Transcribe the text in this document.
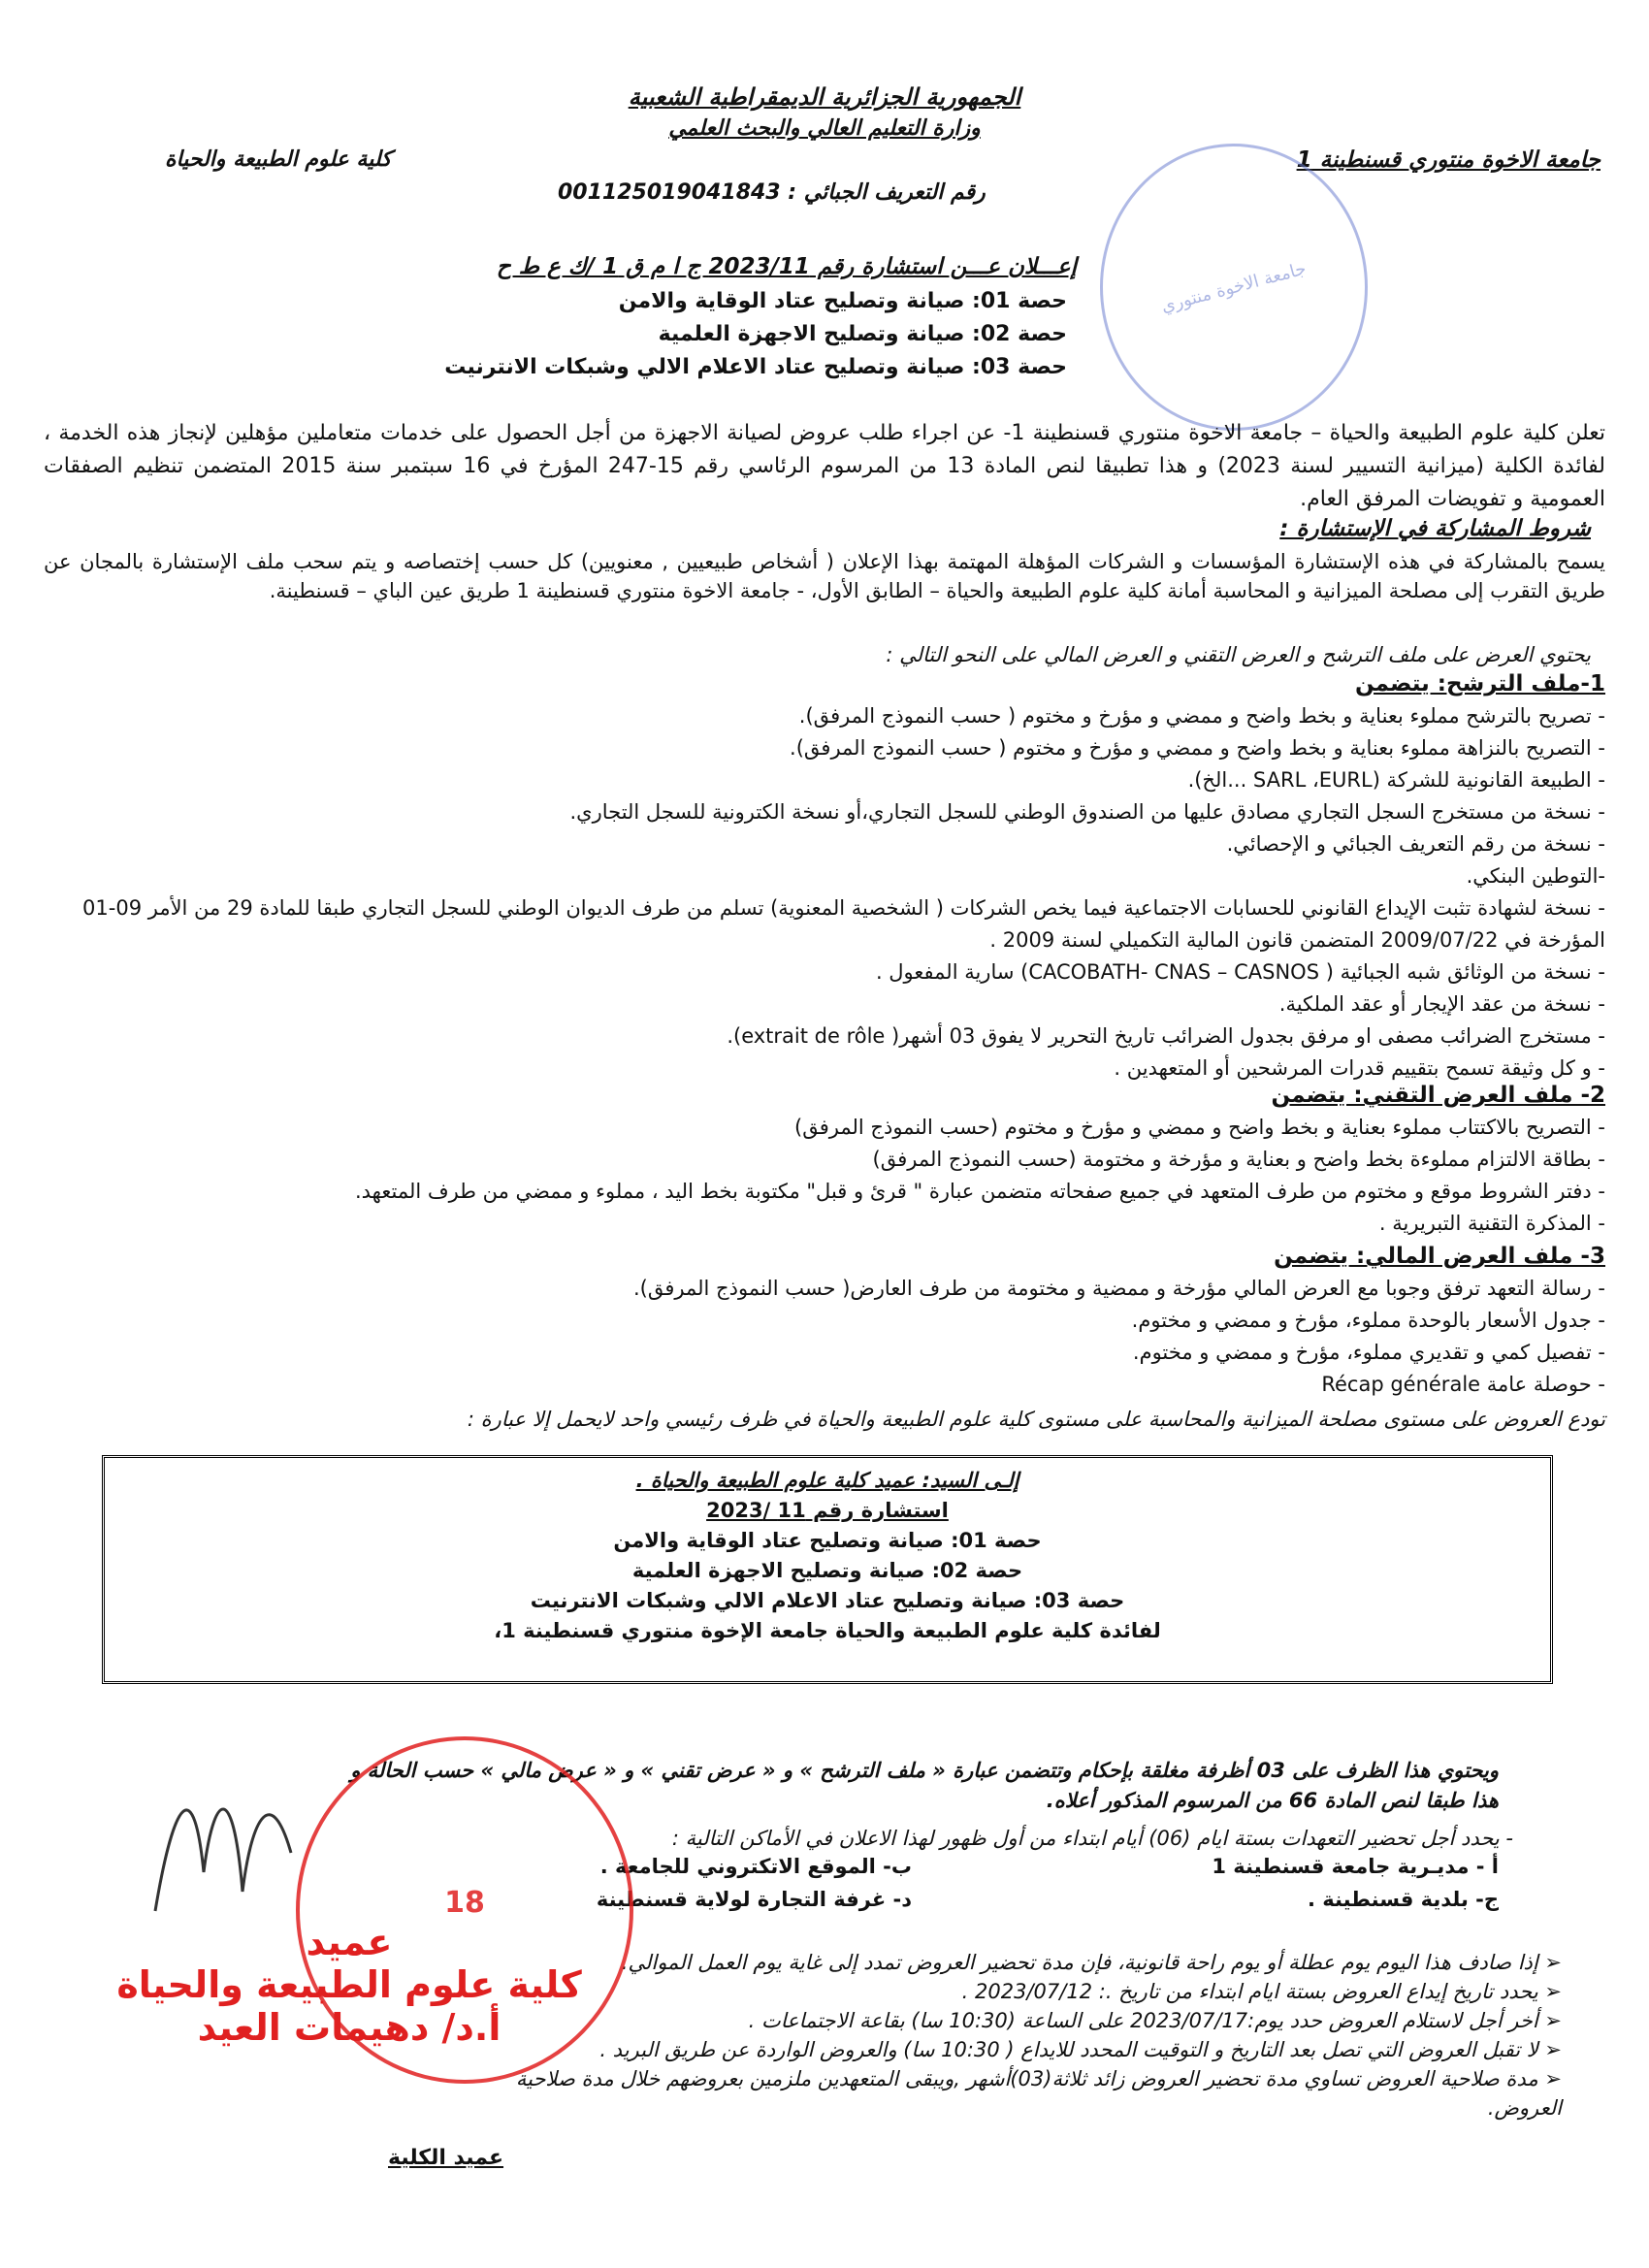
الجمهورية الجزائرية الديمقراطية الشعبية
وزارة التعليم العالي والبحث العلمي
جامعة الاخوة منتوري قسنطينة 1
كلية علوم الطبيعة والحياة
رقم التعريف الجبائي : 001125019041843
جامعة الاخوة منتوري
إعـــلان عـــن استشارة رقم 2023/11 ج ا م ق 1 /ك ع ط ح
حصة 01: صيانة وتصليح عتاد الوقاية والامن
حصة 02: صيانة وتصليح الاجهزة العلمية
حصة 03: صيانة وتصليح عتاد الاعلام الالي وشبكات الانترنيت
تعلن كلية علوم الطبيعة والحياة – جامعة الاخوة منتوري قسنطينة 1- عن اجراء طلب عروض لصيانة الاجهزة من أجل الحصول على خدمات متعاملين مؤهلين لإنجاز هذه الخدمة ، لفائدة الكلية (ميزانية التسيير لسنة 2023) و هذا تطبيقا لنص المادة 13 من المرسوم الرئاسي رقم 15-247 المؤرخ في 16 سبتمبر سنة 2015 المتضمن تنظيم الصفقات العمومية و تفويضات المرفق العام.
شروط المشاركة في الإستشارة :
يسمح بالمشاركة في هذه الإستشارة المؤسسات و الشركات المؤهلة المهتمة بهذا الإعلان ( أشخاص طبيعيين , معنويين) كل حسب إختصاصه و يتم سحب ملف الإستشارة بالمجان عن طريق التقرب إلى مصلحة الميزانية و المحاسبة أمانة كلية علوم الطبيعة والحياة – الطابق الأول، - جامعة الاخوة منتوري قسنطينة 1 طريق عين الباي – قسنطينة.
يحتوي العرض على ملف الترشح و العرض التقني و العرض المالي على النحو التالي :
1-ملف الترشح: يتضمن
- تصريح بالترشح مملوء بعناية و بخط واضح و ممضي و مؤرخ و مختوم ( حسب النموذج المرفق).
- التصريح بالنزاهة مملوء بعناية و بخط واضح و ممضي و مؤرخ و مختوم ( حسب النموذج المرفق).
- الطبيعة القانونية للشركة (SARL ،EURL ...الخ).
- نسخة من مستخرج السجل التجاري مصادق عليها من الصندوق الوطني للسجل التجاري،أو نسخة الكترونية للسجل التجاري.
- نسخة من رقم التعريف الجبائي و الإحصائي.
-التوطين البنكي.
- نسخة لشهادة تثبت الإيداع القانوني للحسابات الاجتماعية فيما يخص الشركات ( الشخصية المعنوية) تسلم من طرف الديوان الوطني للسجل التجاري طبقا للمادة 29 من الأمر 09-01 المؤرخة في 2009/07/22 المتضمن قانون المالية التكميلي لسنة 2009 .
- نسخة من الوثائق شبه الجبائية ( CACOBATH- CNAS – CASNOS) سارية المفعول .
- نسخة من عقد الإيجار أو عقد الملكية.
- مستخرج الضرائب مصفى او مرفق بجدول الضرائب تاريخ التحرير لا يفوق 03 أشهر( extrait de rôle).
- و كل وثيقة تسمح بتقييم قدرات المرشحين أو المتعهدين .
2- ملف العرض التقني: يتضمن
- التصريح بالاكتتاب مملوء بعناية و بخط واضح و ممضي و مؤرخ و مختوم (حسب النموذج المرفق)
- بطاقة الالتزام مملوءة بخط واضح و بعناية و مؤرخة و مختومة (حسب النموذج المرفق)
- دفتر الشروط موقع و مختوم من طرف المتعهد في جميع صفحاته متضمن عبارة " قرئ و قبل" مكتوبة بخط اليد ، مملوء و ممضي من طرف المتعهد.
- المذكرة التقنية التبريرية .
3- ملف العرض المالي: يتضمن
- رسالة التعهد ترفق وجوبا مع العرض المالي مؤرخة و ممضية و مختومة من طرف العارض( حسب النموذج المرفق).
- جدول الأسعار بالوحدة مملوء، مؤرخ و ممضي و مختوم.
- تفصيل كمي و تقديري مملوء، مؤرخ و ممضي و مختوم.
- حوصلة عامة Récap générale
تودع العروض على مستوى مصلحة الميزانية والمحاسبة على مستوى كلية علوم الطبيعة والحياة في ظرف رئيسي واحد لايحمل إلا عبارة :
إلـى السيد: عميد كلية علوم الطبيعة والحياة .
استشارة رقم 11 /2023
حصة 01: صيانة وتصليح عتاد الوقاية والامن
حصة 02: صيانة وتصليح الاجهزة العلمية
حصة 03: صيانة وتصليح عتاد الاعلام الالي وشبكات الانترنيت
لفائدة كلية علوم الطبيعة والحياة جامعة الإخوة منتوري قسنطينة 1،
ويحتوي هذا الظرف على 03 أظرفة مغلقة بإحكام وتتضمن عبارة « ملف الترشح » و « عرض تقني » و « عرض مالي » حسب الحالة و هذا طبقا لنص المادة 66 من المرسوم المذكور أعلاه.
- يحدد أجل تحضير التعهدات بستة ايام (06) أيام ابتداء من أول ظهور لهذا الاعلان في الأماكن التالية :
أ - مديـرية جامعة قسنطينة 1
ب- الموقع الاتكتروني للجامعة .
ج- بلدية قسنطينة .
د- غرفة التجارة لولاية قسنطينة
➢ إذا صادف هذا اليوم يوم عطلة أو يوم راحة قانونية، فإن مدة تحضير العروض تمدد إلى غاية يوم العمل الموالي.
➢ يحدد تاريخ إيداع العروض بستة ايام ابتداء من تاريخ .: 2023/07/12 .
➢ أخر أجل لاستلام العروض حدد يوم:2023/07/17 على الساعة (10:30 سا) بقاعة الاجتماعات .
➢ لا تقبل العروض التي تصل بعد التاريخ و التوقيت المحدد للايداع ( 10:30 سا) والعروض الواردة عن طريق البريد .
➢ مدة صلاحية العروض تساوي مدة تحضير العروض زائد ثلاثة(03)أشهر ,ويبقى المتعهدين ملزمين بعروضهم خلال مدة صلاحية العروض.
18
عميد
كلية علوم الطبيعة والحياة
أ.د/ دهيمات العيد
عميد الكلية
